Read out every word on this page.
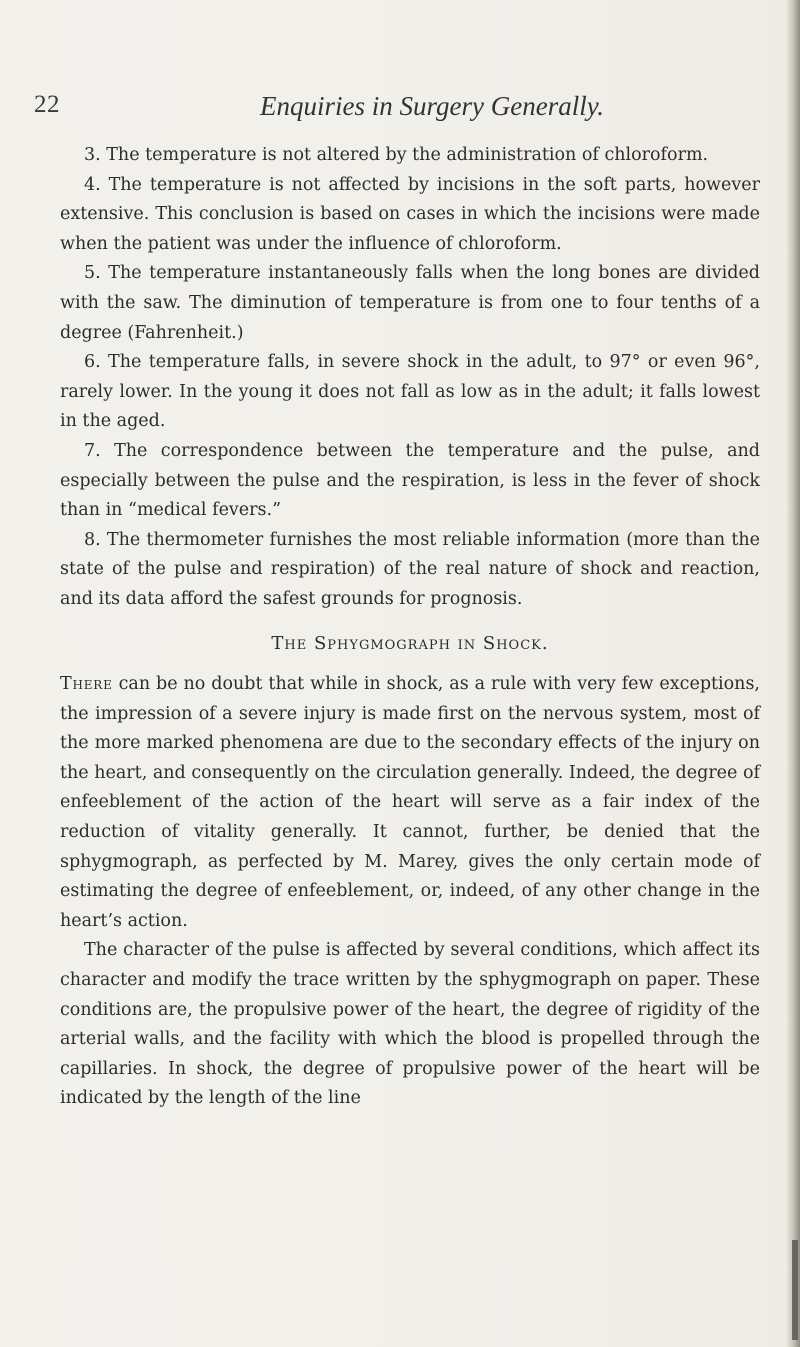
22	Enquiries in Surgery Generally.

3. The temperature is not altered by the administration of chloroform.

4. The temperature is not affected by incisions in the soft parts, however extensive. This conclusion is based on cases in which the incisions were made when the patient was under the influence of chloroform.

5. The temperature instantaneously falls when the long bones are divided with the saw. The diminution of temperature is from one to four tenths of a degree (Fahrenheit.)

6. The temperature falls, in severe shock in the adult, to 97° or even 96°, rarely lower. In the young it does not fall as low as in the adult; it falls lowest in the aged.

7. The correspondence between the temperature and the pulse, and especially between the pulse and the respiration, is less in the fever of shock than in “medical fevers.”

8. The thermometer furnishes the most reliable information (more than the state of the pulse and respiration) of the real nature of shock and reaction, and its data afford the safest grounds for prognosis.

The Sphygmograph in Shock.

There can be no doubt that while in shock, as a rule with very few exceptions, the impression of a severe injury is made first on the nervous system, most of the more marked phenomena are due to the secondary effects of the injury on the heart, and consequently on the circulation generally. Indeed, the degree of enfeeblement of the action of the heart will serve as a fair index of the reduction of vitality generally. It cannot, further, be denied that the sphygmograph, as perfected by M. Marey, gives the only certain mode of estimating the degree of enfeeblement, or, indeed, of any other change in the heart’s action.

The character of the pulse is affected by several conditions, which affect its character and modify the trace written by the sphygmograph on paper. These conditions are, the propulsive power of the heart, the degree of rigidity of the arterial walls, and the facility with which the blood is propelled through the capillaries. In shock, the degree of propulsive power of the heart will be indicated by the length of the line
